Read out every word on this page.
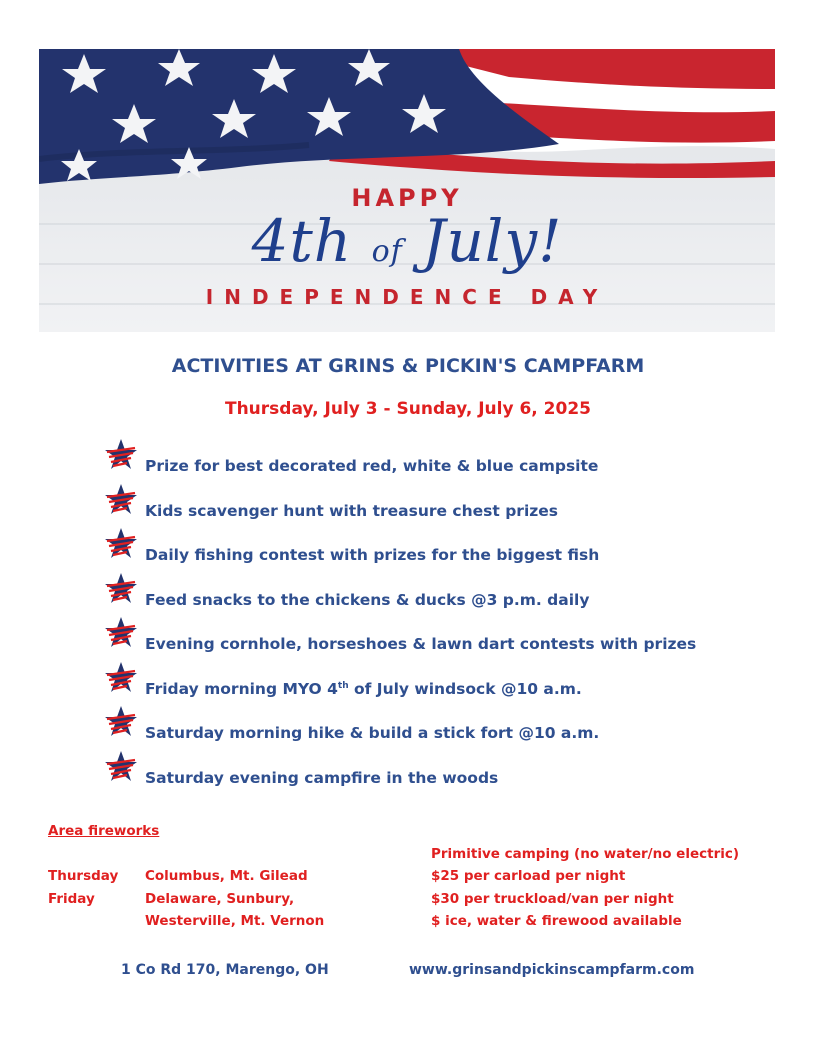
HAPPY
4th of July!
INDEPENDENCE DAY
ACTIVITIES AT GRINS & PICKIN'S CAMPFARM
Thursday, July 3 - Sunday, July 6, 2025
Prize for best decorated red, white & blue campsite
Kids scavenger hunt with treasure chest prizes
Daily fishing contest with prizes for the biggest fish
Feed snacks to the chickens & ducks @3 p.m. daily
Evening cornhole, horseshoes & lawn dart contests with prizes
Friday morning MYO 4th of July windsock @10 a.m.
Saturday morning hike & build a stick fort @10 a.m.
Saturday evening campfire in the woods
Area fireworks
Thursday Columbus, Mt. Gilead
Friday	Delaware, Sunbury,
Westerville, Mt. Vernon
Primitive camping (no water/no electric)
$25 per carload per night
$30 per truckload/van per night
$ ice, water & firewood available
1 Co Rd 170, Marengo, OH	www.grinsandpickinscampfarm.com
